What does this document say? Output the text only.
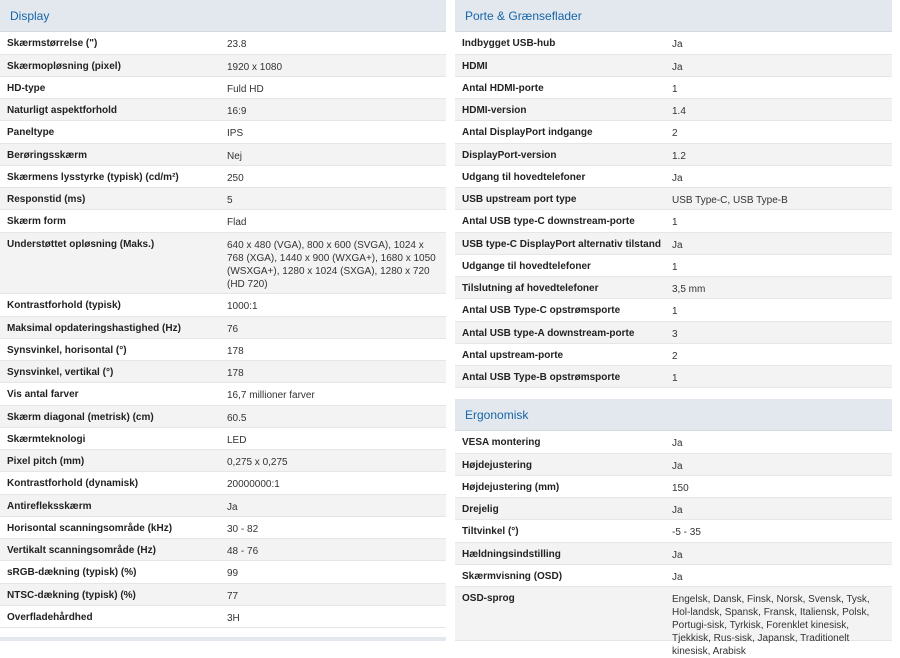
Display
Skærmstørrelse (")	23.8
Skærmopløsning (pixel)	1920 x 1080
HD-type	Fuld HD
Naturligt aspektforhold	16:9
Paneltype	IPS
Berøringsskærm	Nej
Skærmens lysstyrke (typisk) (cd/m²)	250
Responstid (ms)	5
Skærm form	Flad
Understøttet opløsning (Maks.)	640 x 480 (VGA), 800 x 600 (SVGA), 1024 x 768 (XGA), 1440 x 900 (WXGA+), 1680 x 1050 (WSXGA+), 1280 x 1024 (SXGA), 1280 x 720 (HD 720)
Kontrastforhold (typisk)	1000:1
Maksimal opdateringshastighed (Hz)	76
Synsvinkel, horisontal (°)	178
Synsvinkel, vertikal (°)	178
Vis antal farver	16,7 millioner farver
Skærm diagonal (metrisk) (cm)	60.5
Skærmteknologi	LED
Pixel pitch (mm)	0,275 x 0,275
Kontrastforhold (dynamisk)	20000000:1
Antirefleksskærm	Ja
Horisontal scanningsområde (kHz)	30 - 82
Vertikalt scanningsområde (Hz)	48 - 76
sRGB-dækning (typisk) (%)	99
NTSC-dækning (typisk) (%)	77
Overfladehårdhed	3H
Porte & Grænseflader
Indbygget USB-hub	Ja
HDMI	Ja
Antal HDMI-porte	1
HDMI-version	1.4
Antal DisplayPort indgange	2
DisplayPort-version	1.2
Udgang til hovedtelefoner	Ja
USB upstream port type	USB Type-C, USB Type-B
Antal USB type-C downstream-porte	1
USB type-C DisplayPort alternativ tilstand	Ja
Udgange til hovedtelefoner	1
Tilslutning af hovedtelefoner	3,5 mm
Antal USB Type-C opstrømsporte	1
Antal USB type-A downstream-porte	3
Antal upstream-porte	2
Antal USB Type-B opstrømsporte	1
Ergonomisk
VESA montering	Ja
Højdejustering	Ja
Højdejustering (mm)	150
Drejelig	Ja
Tiltvinkel (°)	-5 - 35
Hældningsindstilling	Ja
Skærmvisning (OSD)	Ja
OSD-sprog	Engelsk, Dansk, Finsk, Norsk, Svensk, Tysk, Hol-landsk, Spansk, Fransk, Italiensk, Polsk, Portugi-sisk, Tyrkisk, Forenklet kinesisk, Tjekkisk, Rus-sisk, Japansk, Traditionelt kinesisk, Arabisk
